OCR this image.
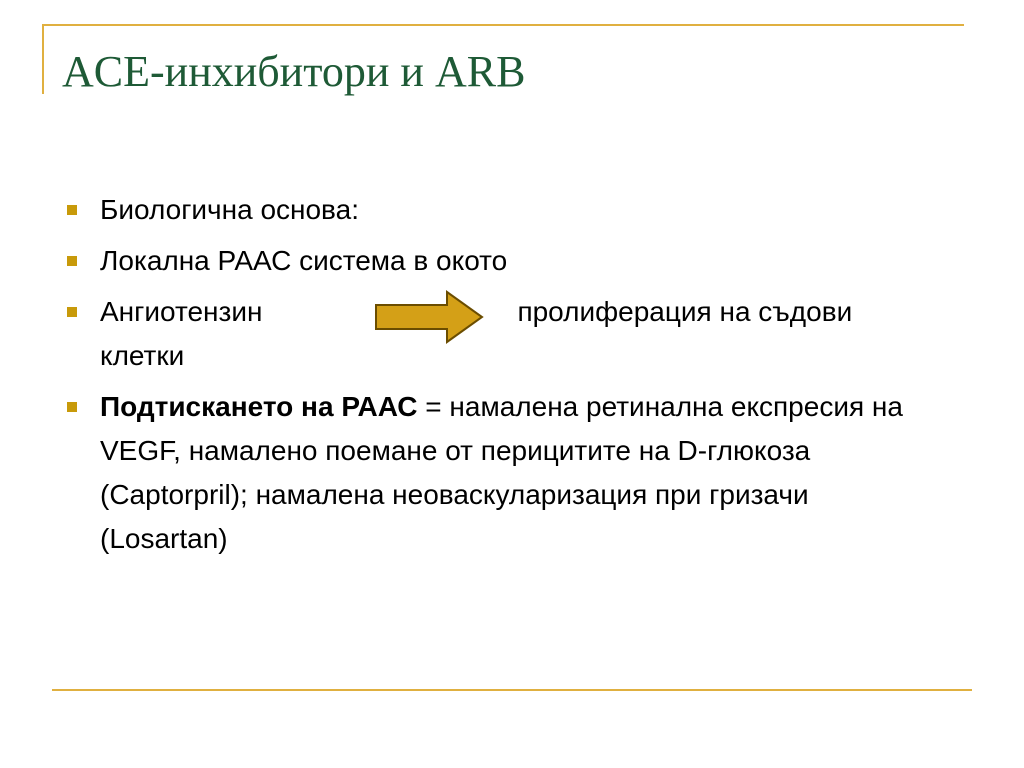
ACE-инхибитори и ARB
Биологична основа:
Локална РААС система в окото
Ангиотензин	пролиферация на съдови клетки
Подтискането на РААС = намалена ретинална експресия на VEGF, намалено поемане от перицитите на D-глюкоза (Captorpril); намалена неоваскуларизация при гризачи (Losartan)
